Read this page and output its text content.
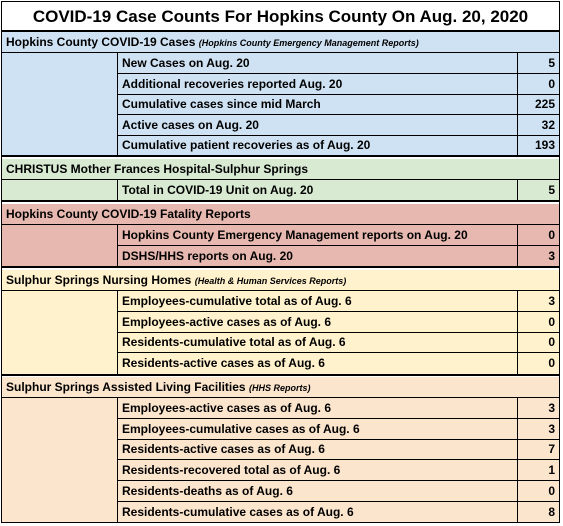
COVID-19 Case Counts For Hopkins County On Aug. 20, 2020
Hopkins County COVID-19 Cases (Hopkins County Emergency Management Reports)
New Cases on Aug. 20	5
Additional recoveries reported Aug. 20	0
Cumulative cases since mid March	225
Active cases on Aug. 20	32
Cumulative patient recoveries as of Aug. 20	193
CHRISTUS Mother Frances Hospital-Sulphur Springs
Total in COVID-19 Unit on Aug. 20	5
Hopkins County COVID-19 Fatality Reports
Hopkins County Emergency Management reports on Aug. 20	0
DSHS/HHS reports on Aug. 20	3
Sulphur Springs Nursing Homes (Health & Human Services Reports)
Employees-cumulative total as of Aug. 6	3
Employees-active cases as of Aug. 6	0
Residents-cumulative total as of Aug. 6	0
Residents-active cases as of Aug. 6	0
Sulphur Springs Assisted Living Facilities (HHS Reports)
Employees-active cases as of Aug. 6	3
Employees-cumulative cases as of Aug. 6	3
Residents-active cases as of Aug. 6	7
Residents-recovered total as of Aug. 6	1
Residents-deaths as of Aug. 6	0
Residents-cumulative cases as of Aug. 6	8
